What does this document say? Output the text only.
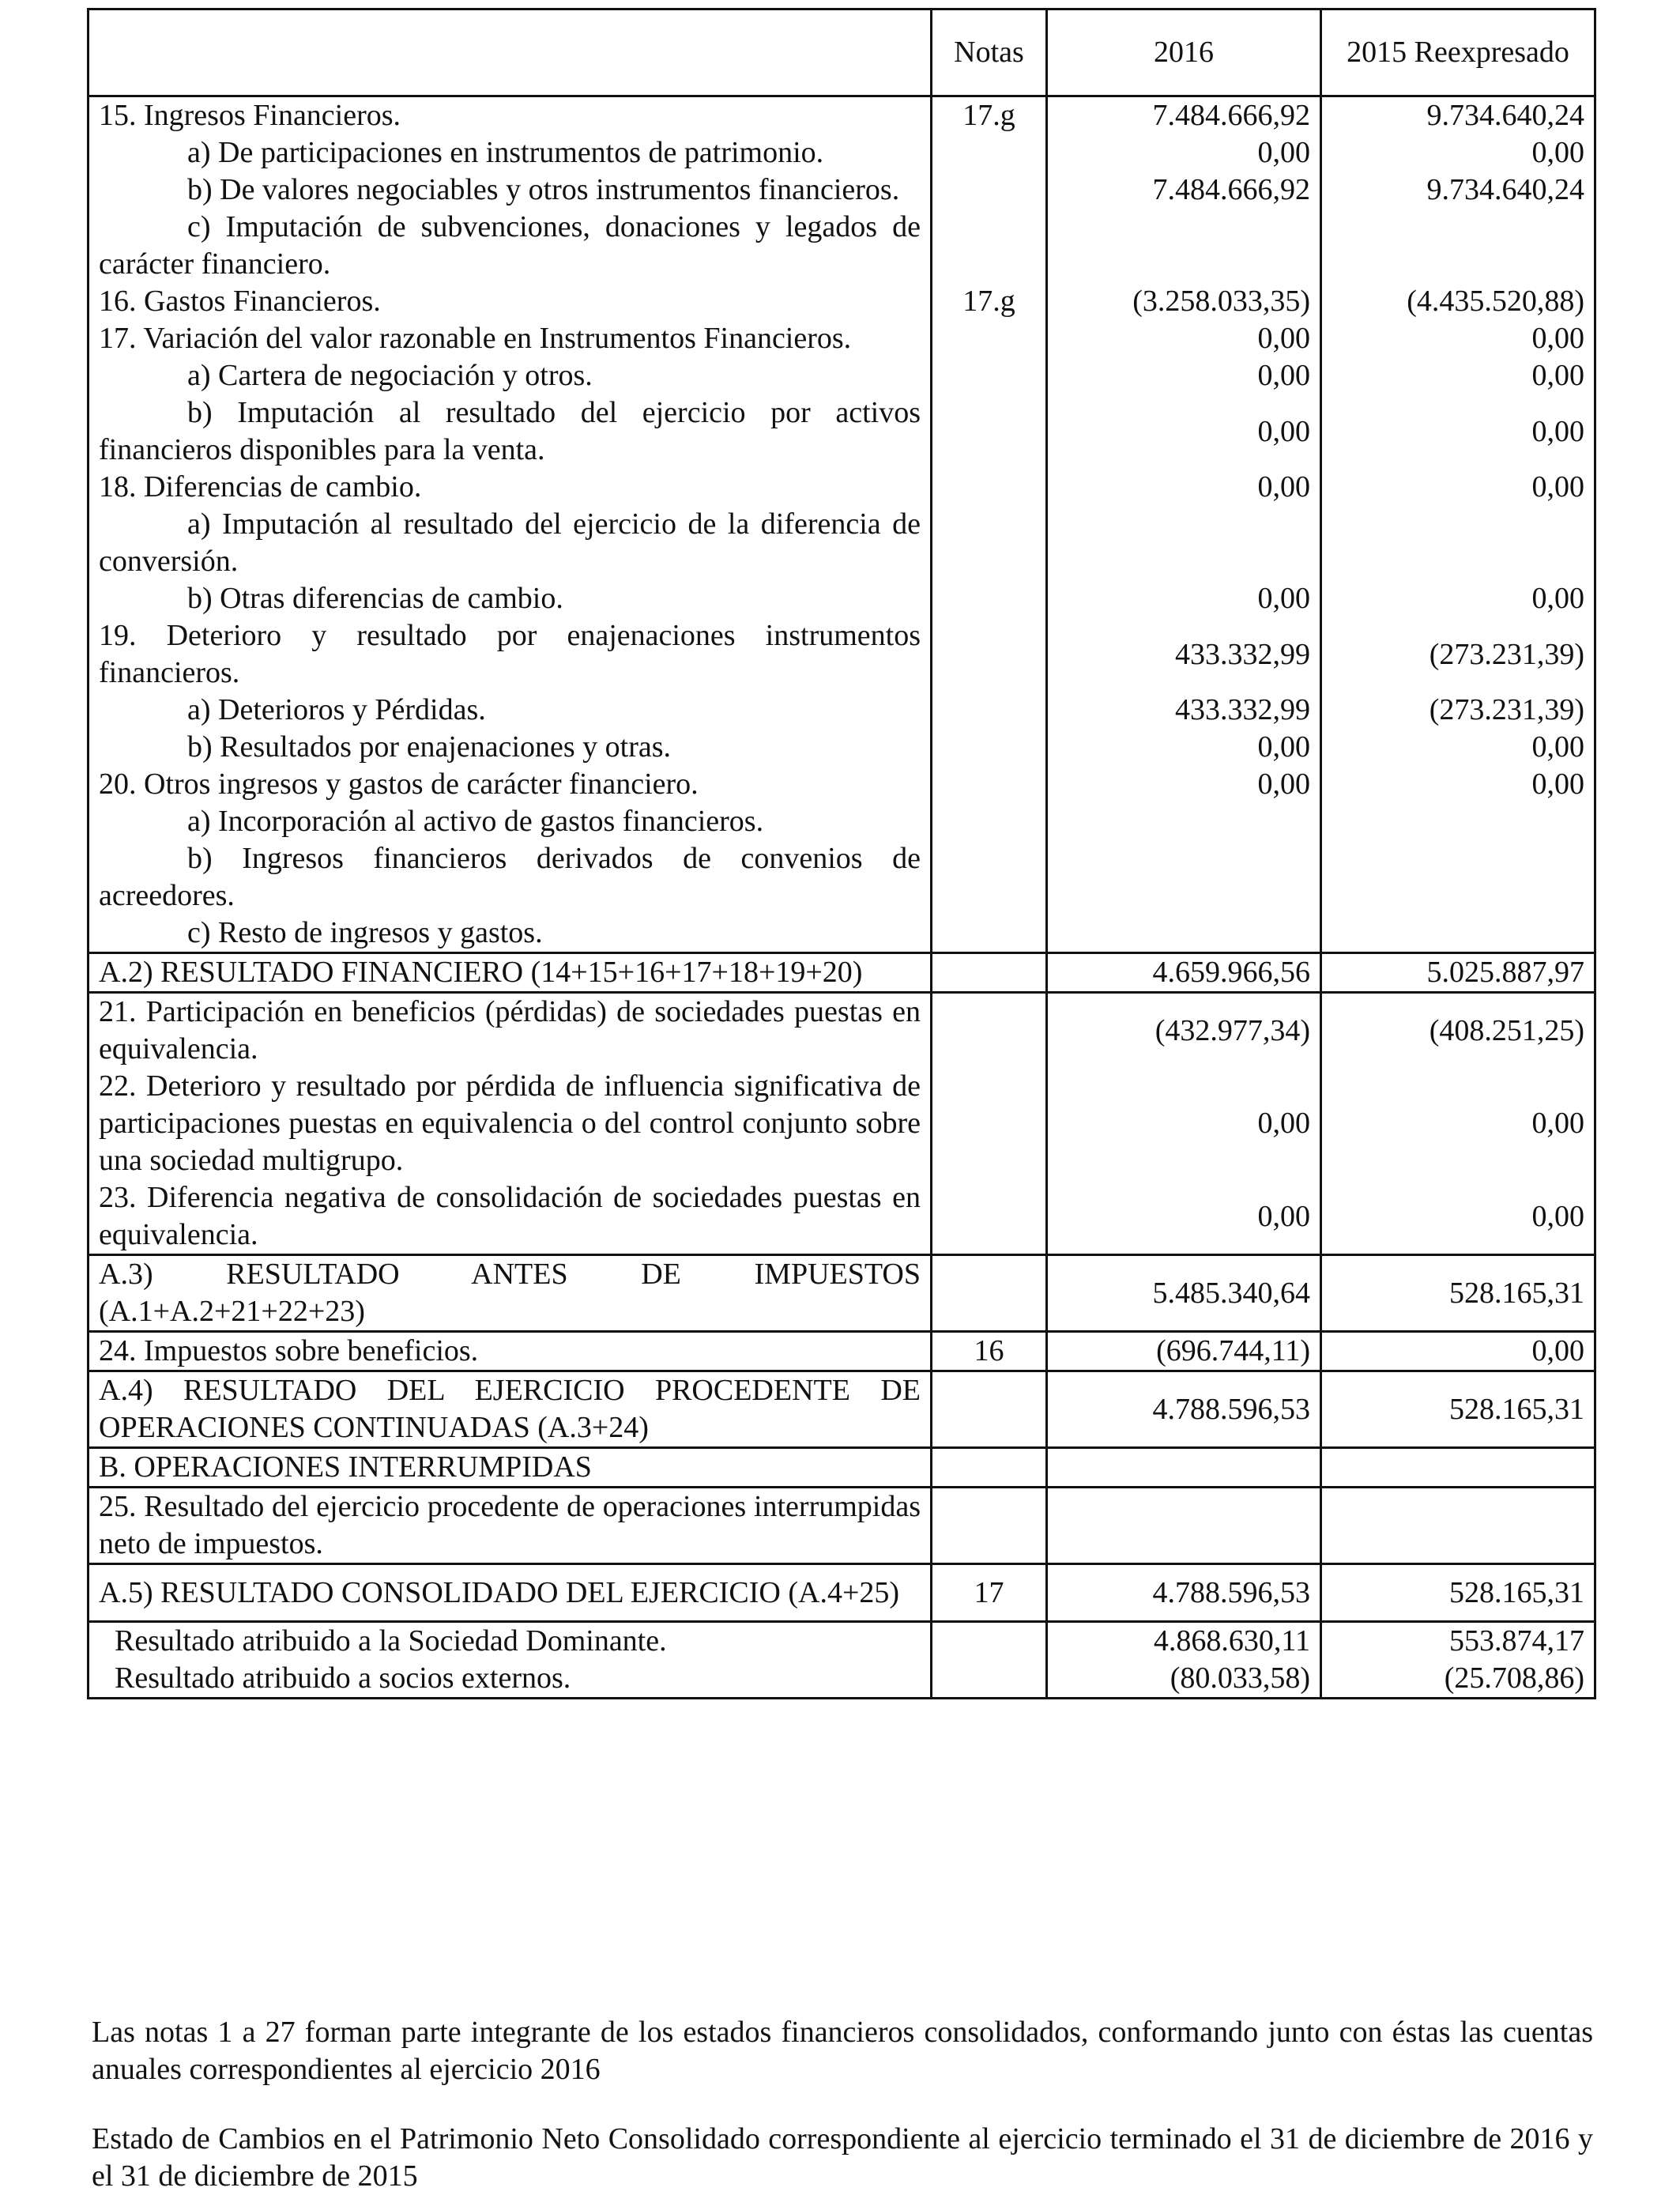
	Notas	2016	2015 Reexpresado
15. Ingresos Financieros.	17.g	7.484.666,92	9.734.640,24
a) De participaciones en instrumentos de patrimonio.		0,00	0,00
b) De valores negociables y otros instrumentos financieros.		7.484.666,92	9.734.640,24
c) Imputación de subvenciones, donaciones y legados de carácter financiero.			
16. Gastos Financieros.	17.g	(3.258.033,35)	(4.435.520,88)
17. Variación del valor razonable en Instrumentos Financieros.		0,00	0,00
a) Cartera de negociación y otros.		0,00	0,00
b) Imputación al resultado del ejercicio por activos financieros disponibles para la venta.		0,00	0,00
18. Diferencias de cambio.		0,00	0,00
a) Imputación al resultado del ejercicio de la diferencia de conversión.			
b) Otras diferencias de cambio.		0,00	0,00
19. Deterioro y resultado por enajenaciones instrumentos financieros.		433.332,99	(273.231,39)
a) Deterioros y Pérdidas.		433.332,99	(273.231,39)
b) Resultados por enajenaciones y otras.		0,00	0,00
20. Otros ingresos y gastos de carácter financiero.		0,00	0,00
a) Incorporación al activo de gastos financieros.			
b) Ingresos financieros derivados de convenios de acreedores.			
c) Resto de ingresos y gastos.			
A.2) RESULTADO FINANCIERO (14+15+16+17+18+19+20)		4.659.966,56	5.025.887,97
21. Participación en beneficios (pérdidas) de sociedades puestas en equivalencia.		(432.977,34)	(408.251,25)
22. Deterioro y resultado por pérdida de influencia significativa de participaciones puestas en equivalencia o del control conjunto sobre una sociedad multigrupo.		0,00	0,00
23. Diferencia negativa de consolidación de sociedades puestas en equivalencia.		0,00	0,00
A.3) RESULTADO ANTES DE IMPUESTOS (A.1+A.2+21+22+23)		5.485.340,64	528.165,31
24. Impuestos sobre beneficios.	16	(696.744,11)	0,00
A.4) RESULTADO DEL EJERCICIO PROCEDENTE DE OPERACIONES CONTINUADAS (A.3+24)		4.788.596,53	528.165,31
B. OPERACIONES INTERRUMPIDAS			
25. Resultado del ejercicio procedente de operaciones interrumpidas neto de impuestos.			
A.5) RESULTADO CONSOLIDADO DEL EJERCICIO (A.4+25)	17	4.788.596,53	528.165,31
Resultado atribuido a la Sociedad Dominante.		4.868.630,11	553.874,17
Resultado atribuido a socios externos.		(80.033,58)	(25.708,86)
Las notas 1 a 27 forman parte integrante de los estados financieros consolidados, conformando junto con éstas las cuentas anuales correspondientes al ejercicio 2016
Estado de Cambios en el Patrimonio Neto Consolidado correspondiente al ejercicio terminado el 31 de diciembre de 2016 y el 31 de diciembre de 2015
